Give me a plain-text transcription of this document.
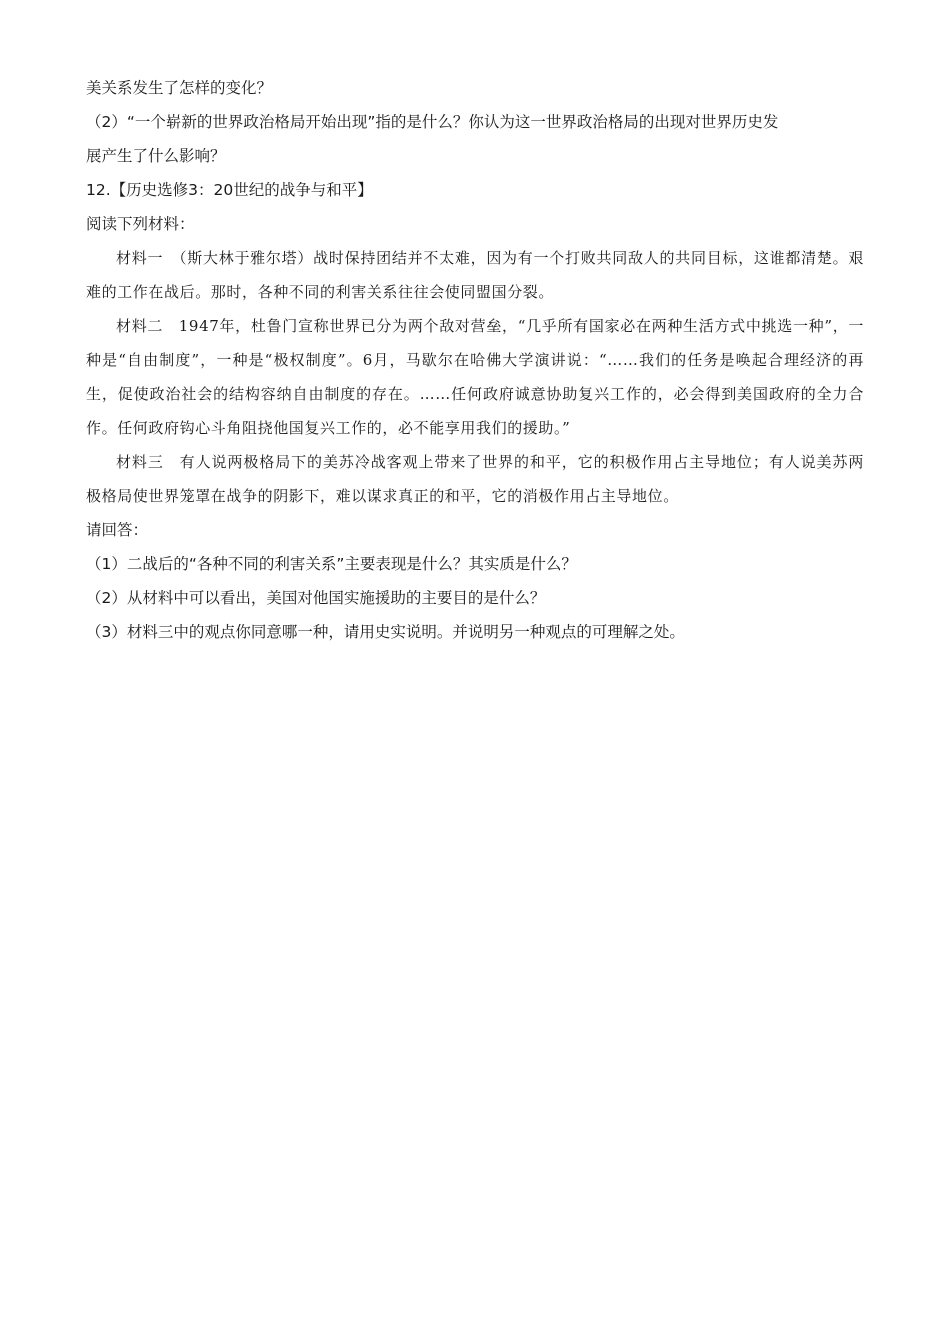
美关系发生了怎样的变化？

（2）“一个崭新的世界政治格局开始出现”指的是什么？你认为这一世界政治格局的出现对世界历史发

展产生了什么影响？

12.【历史选修3：20世纪的战争与和平】

阅读下列材料：

材料一　（斯大林于雅尔塔）战时保持团结并不太难，因为有一个打败共同敌人的共同目标，这谁都清楚。艰难的工作在战后。那时，各种不同的利害关系往往会使同盟国分裂。

材料二　1947年，杜鲁门宣称世界已分为两个敌对营垒，“几乎所有国家必在两种生活方式中挑选一种”，一种是“自由制度”，一种是“极权制度”。6月，马歇尔在哈佛大学演讲说：“……我们的任务是唤起合理经济的再生，促使政治社会的结构容纳自由制度的存在。……任何政府诚意协助复兴工作的，必会得到美国政府的全力合作。任何政府钩心斗角阻挠他国复兴工作的，必不能享用我们的援助。”

材料三　有人说两极格局下的美苏冷战客观上带来了世界的和平，它的积极作用占主导地位；有人说美苏两极格局使世界笼罩在战争的阴影下，难以谋求真正的和平，它的消极作用占主导地位。

请回答：

（1）二战后的“各种不同的利害关系”主要表现是什么？其实质是什么？

（2）从材料中可以看出，美国对他国实施援助的主要目的是什么？

（3）材料三中的观点你同意哪一种，请用史实说明。并说明另一种观点的可理解之处。
